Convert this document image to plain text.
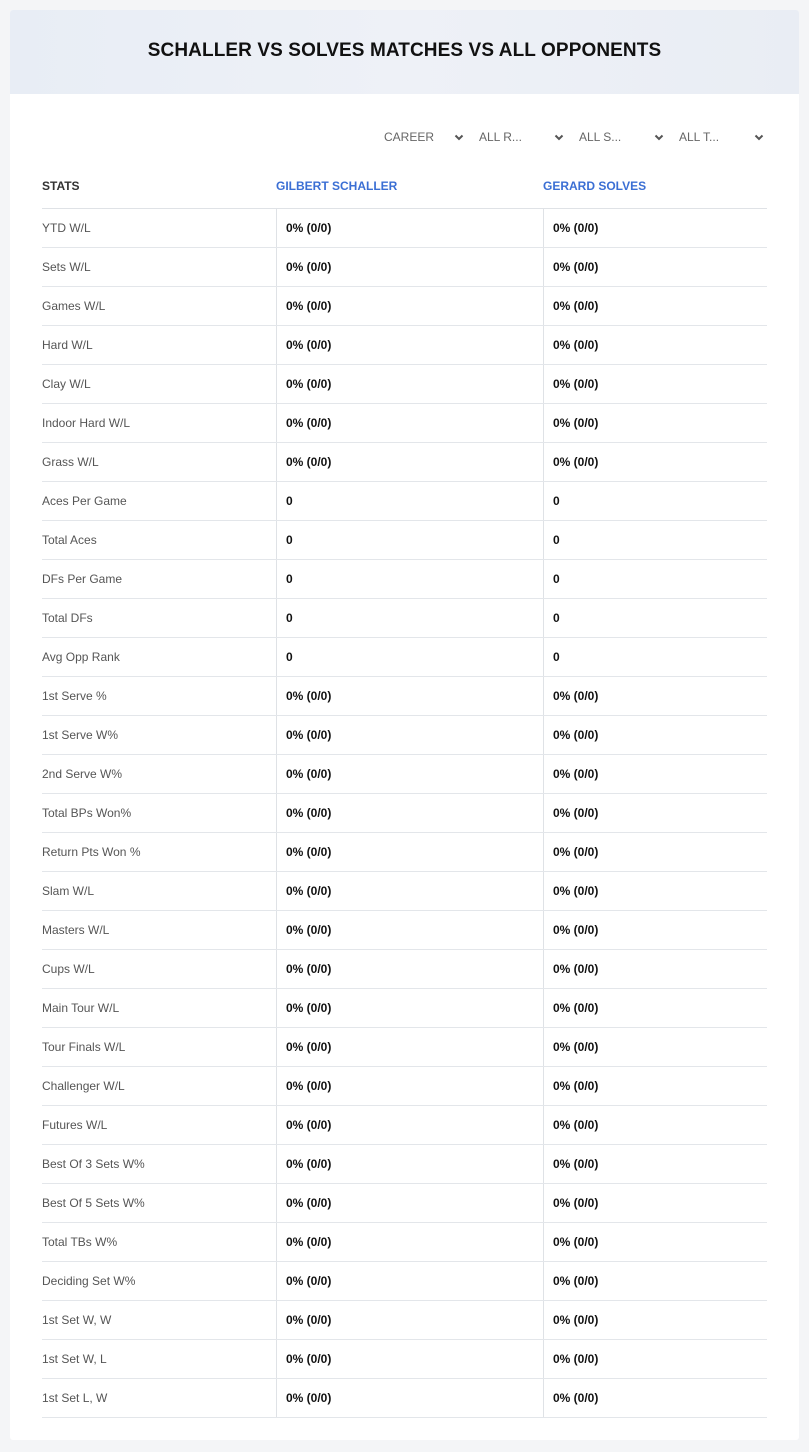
SCHALLER VS SOLVES MATCHES VS ALL OPPONENTS
CAREER	ALL R...	ALL S...	ALL T...
STATS	GILBERT SCHALLER	GERARD SOLVES
YTD W/L	0% (0/0)	0% (0/0)
Sets W/L	0% (0/0)	0% (0/0)
Games W/L	0% (0/0)	0% (0/0)
Hard W/L	0% (0/0)	0% (0/0)
Clay W/L	0% (0/0)	0% (0/0)
Indoor Hard W/L	0% (0/0)	0% (0/0)
Grass W/L	0% (0/0)	0% (0/0)
Aces Per Game	0	0
Total Aces	0	0
DFs Per Game	0	0
Total DFs	0	0
Avg Opp Rank	0	0
1st Serve %	0% (0/0)	0% (0/0)
1st Serve W%	0% (0/0)	0% (0/0)
2nd Serve W%	0% (0/0)	0% (0/0)
Total BPs Won%	0% (0/0)	0% (0/0)
Return Pts Won %	0% (0/0)	0% (0/0)
Slam W/L	0% (0/0)	0% (0/0)
Masters W/L	0% (0/0)	0% (0/0)
Cups W/L	0% (0/0)	0% (0/0)
Main Tour W/L	0% (0/0)	0% (0/0)
Tour Finals W/L	0% (0/0)	0% (0/0)
Challenger W/L	0% (0/0)	0% (0/0)
Futures W/L	0% (0/0)	0% (0/0)
Best Of 3 Sets W%	0% (0/0)	0% (0/0)
Best Of 5 Sets W%	0% (0/0)	0% (0/0)
Total TBs W%	0% (0/0)	0% (0/0)
Deciding Set W%	0% (0/0)	0% (0/0)
1st Set W, W	0% (0/0)	0% (0/0)
1st Set W, L	0% (0/0)	0% (0/0)
1st Set L, W	0% (0/0)	0% (0/0)
